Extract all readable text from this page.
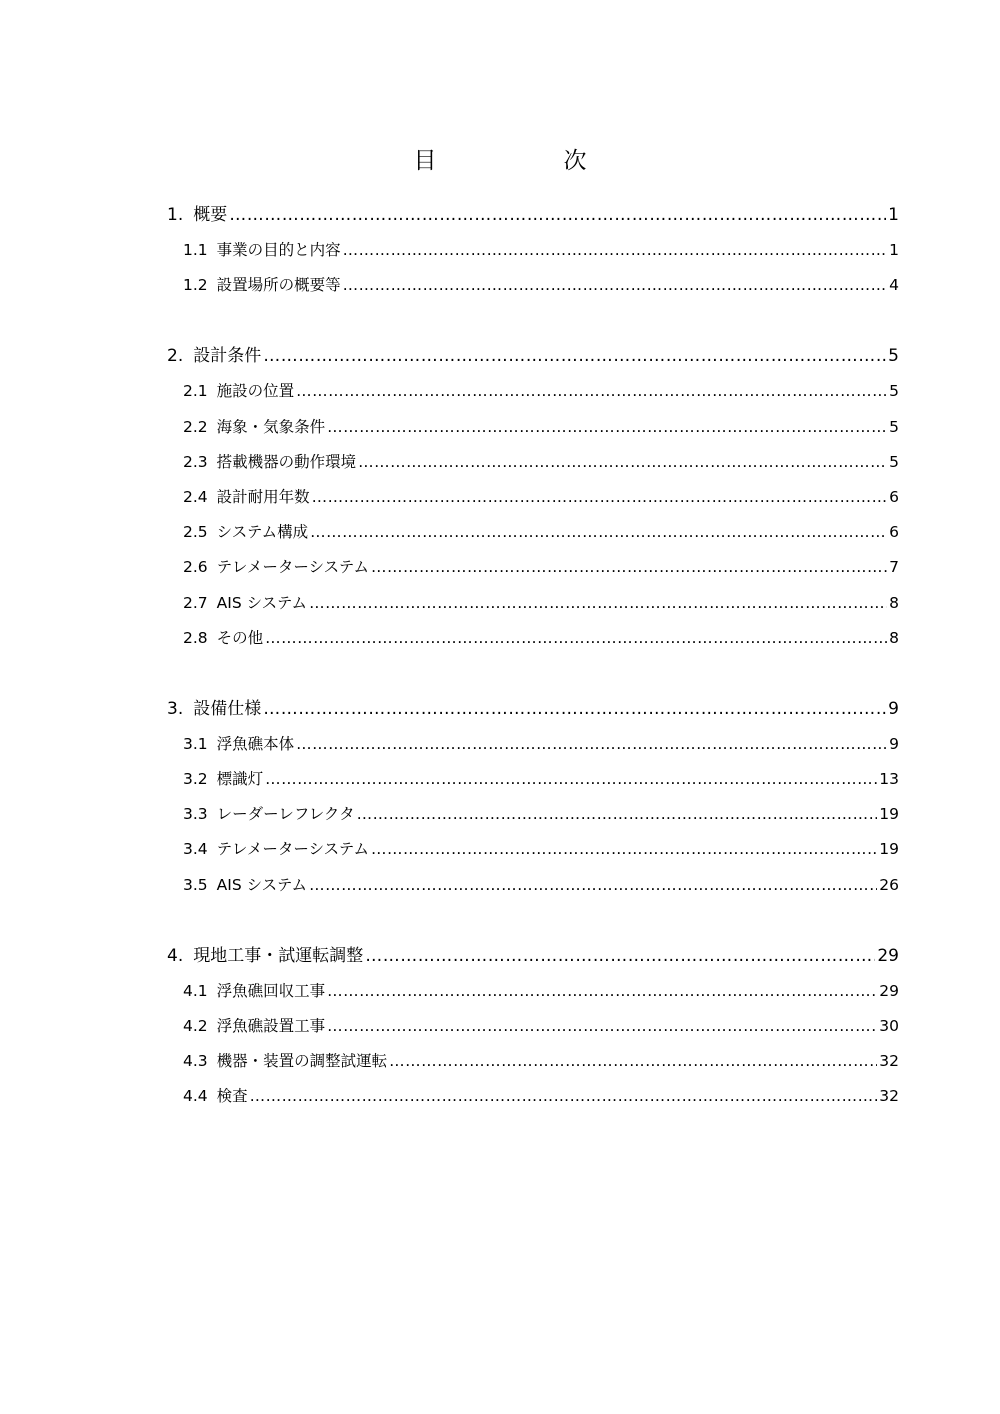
目　次
1. 概要 ………………………………………………………………………………………………………………………………………………………………………………………………………………	1
1.1 事業の目的と内容 ………………………………………………………………………………………………………………………………………………………………………………………………………………	1
1.2 設置場所の概要等 ………………………………………………………………………………………………………………………………………………………………………………………………………………	4
2. 設計条件 ………………………………………………………………………………………………………………………………………………………………………………………………………………	5
2.1 施設の位置 ………………………………………………………………………………………………………………………………………………………………………………………………………………	5
2.2 海象・気象条件 ………………………………………………………………………………………………………………………………………………………………………………………………………………	5
2.3 搭載機器の動作環境 ………………………………………………………………………………………………………………………………………………………………………………………………………………	5
2.4 設計耐用年数 ………………………………………………………………………………………………………………………………………………………………………………………………………………	6
2.5 システム構成 ………………………………………………………………………………………………………………………………………………………………………………………………………………	6
2.6 テレメーターシステム ………………………………………………………………………………………………………………………………………………………………………………………………………………	7
2.7 AIS システム ………………………………………………………………………………………………………………………………………………………………………………………………………………	8
2.8 その他 ………………………………………………………………………………………………………………………………………………………………………………………………………………	8
3. 設備仕様 ………………………………………………………………………………………………………………………………………………………………………………………………………………	9
3.1 浮魚礁本体 ………………………………………………………………………………………………………………………………………………………………………………………………………………	9
3.2 標識灯 ………………………………………………………………………………………………………………………………………………………………………………………………………………	13
3.3 レーダーレフレクタ ………………………………………………………………………………………………………………………………………………………………………………………………………………	19
3.4 テレメーターシステム ………………………………………………………………………………………………………………………………………………………………………………………………………………	19
3.5 AIS システム ………………………………………………………………………………………………………………………………………………………………………………………………………………	26
4. 現地工事・試運転調整 ………………………………………………………………………………………………………………………………………………………………………………………………………………	29
4.1 浮魚礁回収工事 ………………………………………………………………………………………………………………………………………………………………………………………………………………	29
4.2 浮魚礁設置工事 ………………………………………………………………………………………………………………………………………………………………………………………………………………	30
4.3 機器・装置の調整試運転 ………………………………………………………………………………………………………………………………………………………………………………………………………………	32
4.4 検査 ………………………………………………………………………………………………………………………………………………………………………………………………………………	32
